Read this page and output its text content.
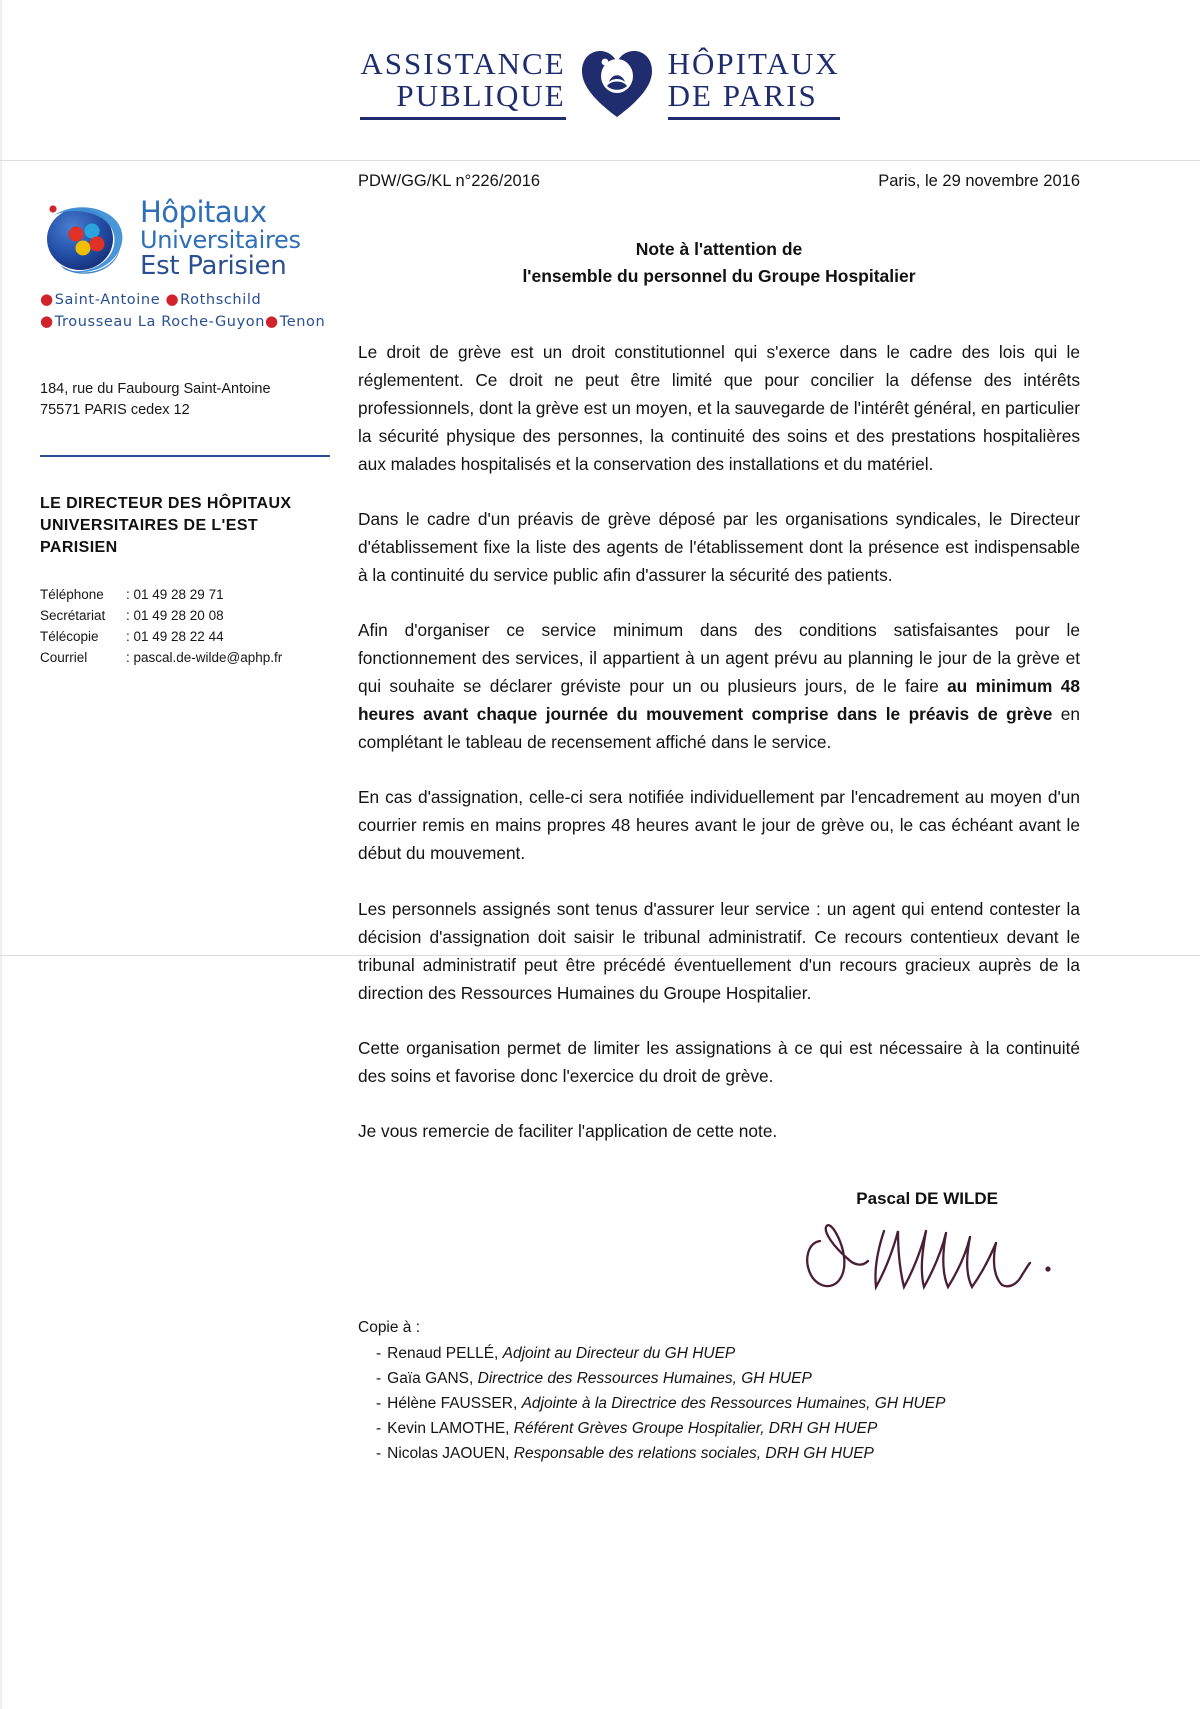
ASSISTANCE
PUBLIQUE
HÔPITAUX
DE PARIS
Hôpitaux
Universitaires
Est Parisien
●Saint-Antoine ●Rothschild
●Trousseau La Roche-Guyon●Tenon
184, rue du Faubourg Saint-Antoine
75571 PARIS cedex 12
LE DIRECTEUR DES HÔPITAUX
UNIVERSITAIRES DE L'EST PARISIEN
Téléphone	: 01 49 28 29 71
Secrétariat	: 01 49 28 20 08
Télécopie	: 01 49 28 22 44
Courriel	: pascal.de-wilde@aphp.fr
PDW/GG/KL n°226/2016	Paris, le 29 novembre 2016
Note à l'attention de
l'ensemble du personnel du Groupe Hospitalier

Le droit de grève est un droit constitutionnel qui s'exerce dans le cadre des lois qui le réglementent. Ce droit ne peut être limité que pour concilier la défense des intérêts professionnels, dont la grève est un moyen, et la sauvegarde de l'intérêt général, en particulier la sécurité physique des personnes, la continuité des soins et des prestations hospitalières aux malades hospitalisés et la conservation des installations et du matériel.

Dans le cadre d'un préavis de grève déposé par les organisations syndicales, le Directeur d'établissement fixe la liste des agents de l'établissement dont la présence est indispensable à la continuité du service public afin d'assurer la sécurité des patients.

Afin d'organiser ce service minimum dans des conditions satisfaisantes pour le fonctionnement des services, il appartient à un agent prévu au planning le jour de la grève et qui souhaite se déclarer gréviste pour un ou plusieurs jours, de le faire au minimum 48 heures avant chaque journée du mouvement comprise dans le préavis de grève en complétant le tableau de recensement affiché dans le service.

En cas d'assignation, celle-ci sera notifiée individuellement par l'encadrement au moyen d'un courrier remis en mains propres 48 heures avant le jour de grève ou, le cas échéant avant le début du mouvement.

Les personnels assignés sont tenus d'assurer leur service : un agent qui entend contester la décision d'assignation doit saisir le tribunal administratif. Ce recours contentieux devant le tribunal administratif peut être précédé éventuellement d'un recours gracieux auprès de la direction des Ressources Humaines du Groupe Hospitalier.

Cette organisation permet de limiter les assignations à ce qui est nécessaire à la continuité des soins et favorise donc l'exercice du droit de grève.

Je vous remercie de faciliter l'application de cette note.

Pascal DE WILDE
Copie à :
- Renaud PELLÉ, Adjoint au Directeur du GH HUEP
- Gaïa GANS, Directrice des Ressources Humaines, GH HUEP
- Hélène FAUSSER, Adjointe à la Directrice des Ressources Humaines, GH HUEP
- Kevin LAMOTHE, Référent Grèves Groupe Hospitalier, DRH GH HUEP
- Nicolas JAOUEN, Responsable des relations sociales, DRH GH HUEP
